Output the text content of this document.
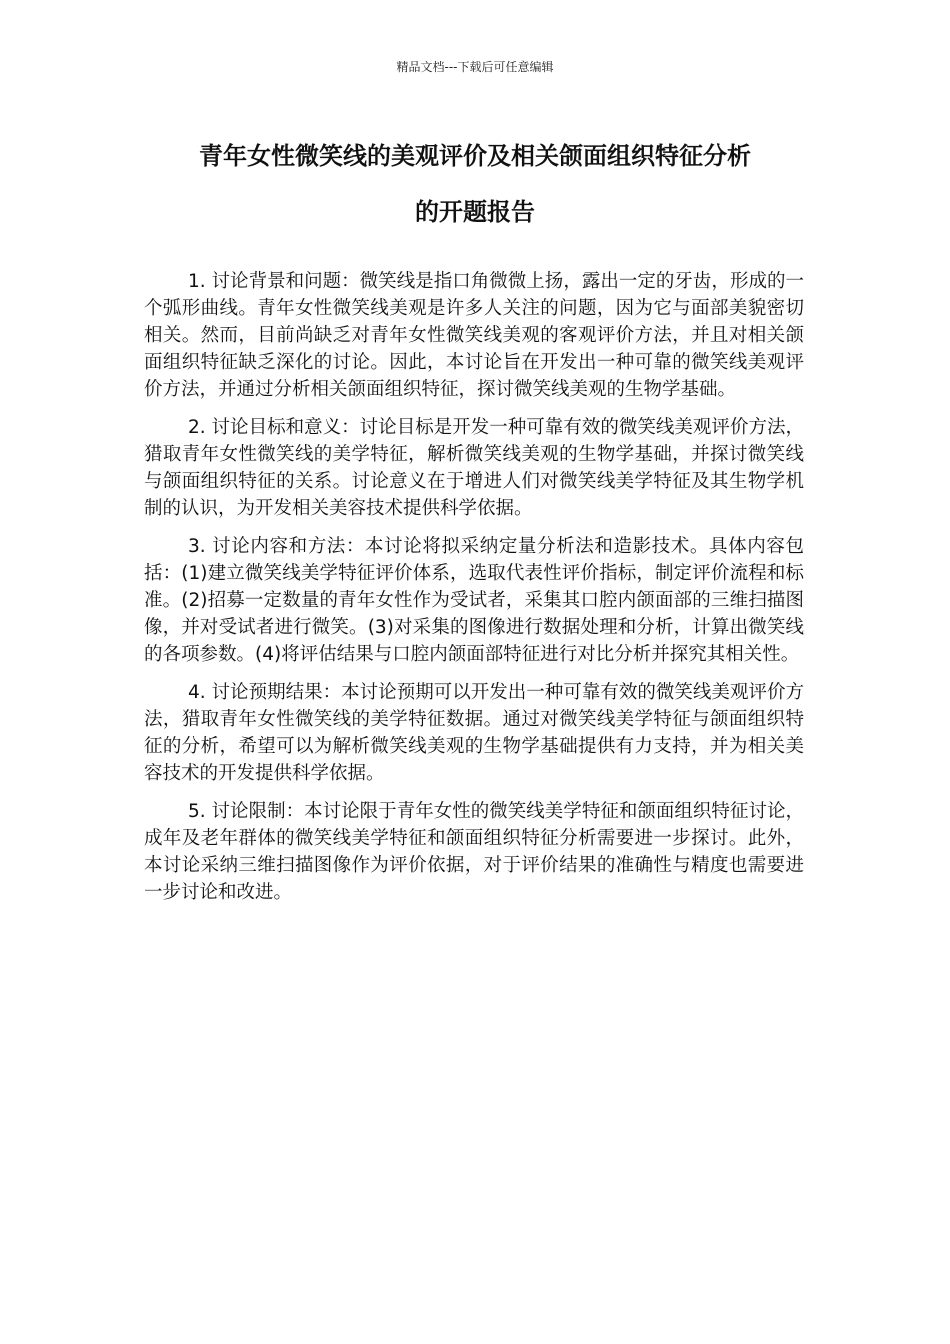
精品文档---下载后可任意编辑
青年女性微笑线的美观评价及相关颌面组织特征分析
的开题报告

1. 讨论背景和问题：微笑线是指口角微微上扬，露出一定的牙齿，形成的一个弧形曲线。青年女性微笑线美观是许多人关注的问题，因为它与面部美貌密切相关。然而，目前尚缺乏对青年女性微笑线美观的客观评价方法，并且对相关颌面组织特征缺乏深化的讨论。因此，本讨论旨在开发出一种可靠的微笑线美观评价方法，并通过分析相关颌面组织特征，探讨微笑线美观的生物学基础。

2. 讨论目标和意义：讨论目标是开发一种可靠有效的微笑线美观评价方法，猎取青年女性微笑线的美学特征，解析微笑线美观的生物学基础，并探讨微笑线与颌面组织特征的关系。讨论意义在于增进人们对微笑线美学特征及其生物学机制的认识，为开发相关美容技术提供科学依据。

3. 讨论内容和方法：本讨论将拟采纳定量分析法和造影技术。具体内容包括：(1)建立微笑线美学特征评价体系，选取代表性评价指标，制定评价流程和标准。(2)招募一定数量的青年女性作为受试者，采集其口腔内颌面部的三维扫描图像，并对受试者进行微笑。(3)对采集的图像进行数据处理和分析，计算出微笑线的各项参数。(4)将评估结果与口腔内颌面部特征进行对比分析并探究其相关性。

4. 讨论预期结果：本讨论预期可以开发出一种可靠有效的微笑线美观评价方法，猎取青年女性微笑线的美学特征数据。通过对微笑线美学特征与颌面组织特征的分析，希望可以为解析微笑线美观的生物学基础提供有力支持，并为相关美容技术的开发提供科学依据。

5. 讨论限制：本讨论限于青年女性的微笑线美学特征和颌面组织特征讨论，成年及老年群体的微笑线美学特征和颌面组织特征分析需要进一步探讨。此外，本讨论采纳三维扫描图像作为评价依据，对于评价结果的准确性与精度也需要进一步讨论和改进。
